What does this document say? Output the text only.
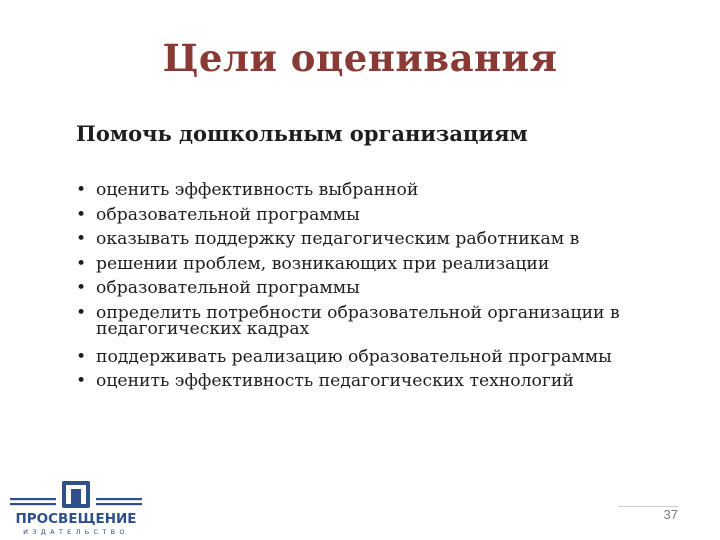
Цели оценивания
Помочь дошкольным организациям
• оценить эффективность выбранной
• образовательной программы
• оказывать поддержку педагогическим работникам в
• решении проблем, возникающих при реализации
• образовательной программы
• определить потребности образовательной организации в педагогических кадрах
• поддерживать реализацию образовательной программы
• оценить эффективность педагогических технологий
ПРОСВЕЩЕНИЕ
ИЗДАТЕЛЬСТВО
37
